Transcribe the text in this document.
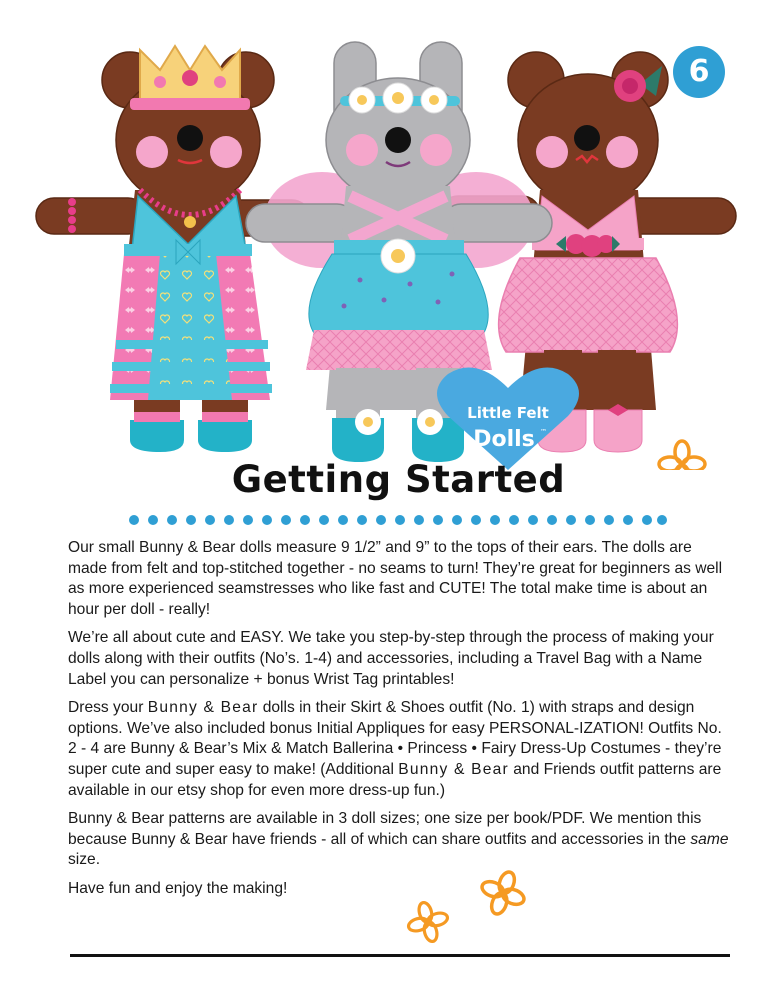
Little Felt
Dolls ™
6
Getting Started

Our small Bunny & Bear dolls measure 9 1/2” and 9” to the tops of their ears. The dolls are made from felt and top-stitched together - no seams to turn! They’re great for beginners as well as more experienced seamstresses who like fast and CUTE! The total make time is about an hour per doll - really!

We’re all about cute and EASY. We take you step-by-step through the process of making your dolls along with their outfits (No’s. 1-4) and accessories, including a Travel Bag with a Name Label you can personalize + bonus Wrist Tag printables!

Dress your Bunny & Bear dolls in their Skirt & Shoes outfit (No. 1) with straps and design options. We’ve also included bonus Initial Appliques for easy PERSONAL-IZATION! Outfits No. 2 - 4 are Bunny & Bear’s Mix & Match Ballerina • Princess • Fairy Dress-Up Costumes - they’re super cute and super easy to make! (Additional Bunny & Bear and Friends outfit patterns are available in our etsy shop for even more dress-up fun.)

Bunny & Bear patterns are available in 3 doll sizes; one size per book/PDF. We mention this because Bunny & Bear have friends - all of which can share outfits and accessories in the same size.

Have fun and enjoy the making!
